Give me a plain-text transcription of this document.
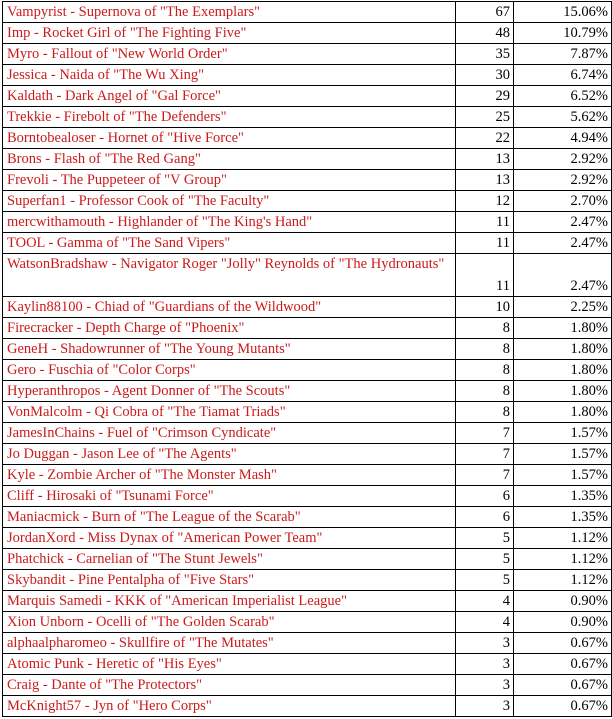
Vampyrist - Supernova of "The Exemplars"	67	15.06%
Imp - Rocket Girl of "The Fighting Five"	48	10.79%
Myro - Fallout of "New World Order"	35	7.87%
Jessica - Naida of "The Wu Xing"	30	6.74%
Kaldath - Dark Angel of "Gal Force"	29	6.52%
Trekkie - Firebolt of "The Defenders"	25	5.62%
Borntobealoser - Hornet of "Hive Force"	22	4.94%
Brons - Flash of "The Red Gang"	13	2.92%
Frevoli - The Puppeteer of "V Group"	13	2.92%
Superfan1 - Professor Cook of "The Faculty"	12	2.70%
mercwithamouth - Highlander of "The King's Hand"	11	2.47%
TOOL - Gamma of "The Sand Vipers"	11	2.47%
WatsonBradshaw - Navigator Roger "Jolly" Reynolds of "The Hydronauts"	11	2.47%
Kaylin88100 - Chiad of "Guardians of the Wildwood"	10	2.25%
Firecracker - Depth Charge of "Phoenix"	8	1.80%
GeneH - Shadowrunner of "The Young Mutants"	8	1.80%
Gero - Fuschia of "Color Corps"	8	1.80%
Hyperanthropos - Agent Donner of "The Scouts"	8	1.80%
VonMalcolm - Qi Cobra of "The Tiamat Triads"	8	1.80%
JamesInChains - Fuel of "Crimson Cyndicate"	7	1.57%
Jo Duggan - Jason Lee of "The Agents"	7	1.57%
Kyle - Zombie Archer of "The Monster Mash"	7	1.57%
Cliff - Hirosaki of "Tsunami Force"	6	1.35%
Maniacmick - Burn of "The League of the Scarab"	6	1.35%
JordanXord - Miss Dynax of "American Power Team"	5	1.12%
Phatchick - Carnelian of "The Stunt Jewels"	5	1.12%
Skybandit - Pine Pentalpha of "Five Stars"	5	1.12%
Marquis Samedi - KKK of "American Imperialist League"	4	0.90%
Xion Unborn - Ocelli of "The Golden Scarab"	4	0.90%
alphaalpharomeo - Skullfire of "The Mutates"	3	0.67%
Atomic Punk - Heretic of "His Eyes"	3	0.67%
Craig - Dante of "The Protectors"	3	0.67%
McKnight57 - Jyn of "Hero Corps"	3	0.67%
